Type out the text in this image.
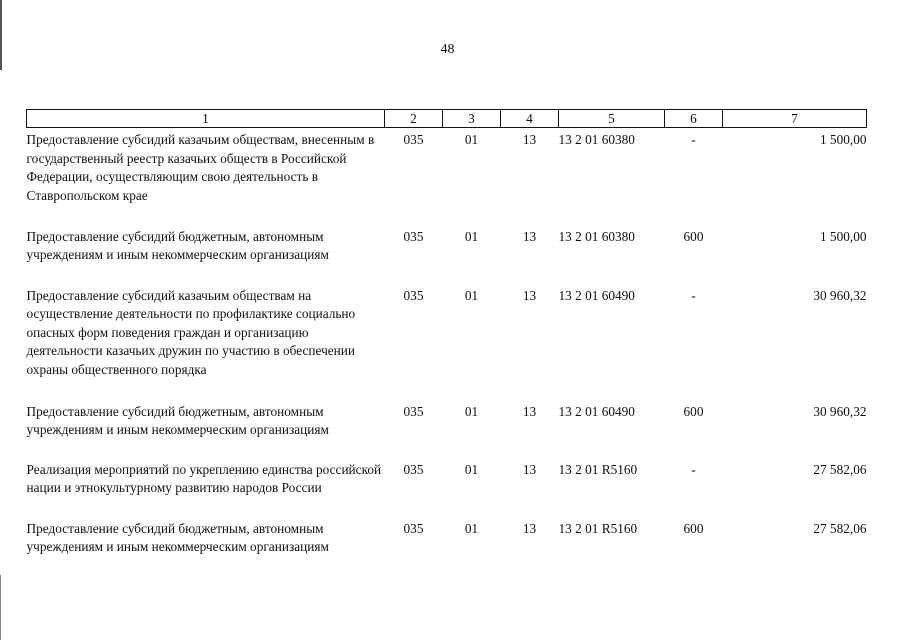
48
1	2	3	4	5	6	7
Предоставление субсидий казачьим обществам, внесенным в государственный реестр казачьих обществ в Российской Федерации, осуществляющим свою деятельность в Ставропольском крае	035	01	13	13 2 01 60380	-	1 500,00
Предоставление субсидий бюджетным, автономным учреждениям и иным некоммерческим организациям	035	01	13	13 2 01 60380	600	1 500,00
Предоставление субсидий казачьим обществам на осуществление деятельности по профилактике социально опасных форм поведения граждан и организацию деятельности казачьих дружин по участию в обеспечении охраны общественного порядка	035	01	13	13 2 01 60490	-	30 960,32
Предоставление субсидий бюджетным, автономным учреждениям и иным некоммерческим организациям	035	01	13	13 2 01 60490	600	30 960,32
Реализация мероприятий по укреплению единства российской нации и этнокультурному развитию народов России	035	01	13	13 2 01 R5160	-	27 582,06
Предоставление субсидий бюджетным, автономным учреждениям и иным некоммерческим организациям	035	01	13	13 2 01 R5160	600	27 582,06
